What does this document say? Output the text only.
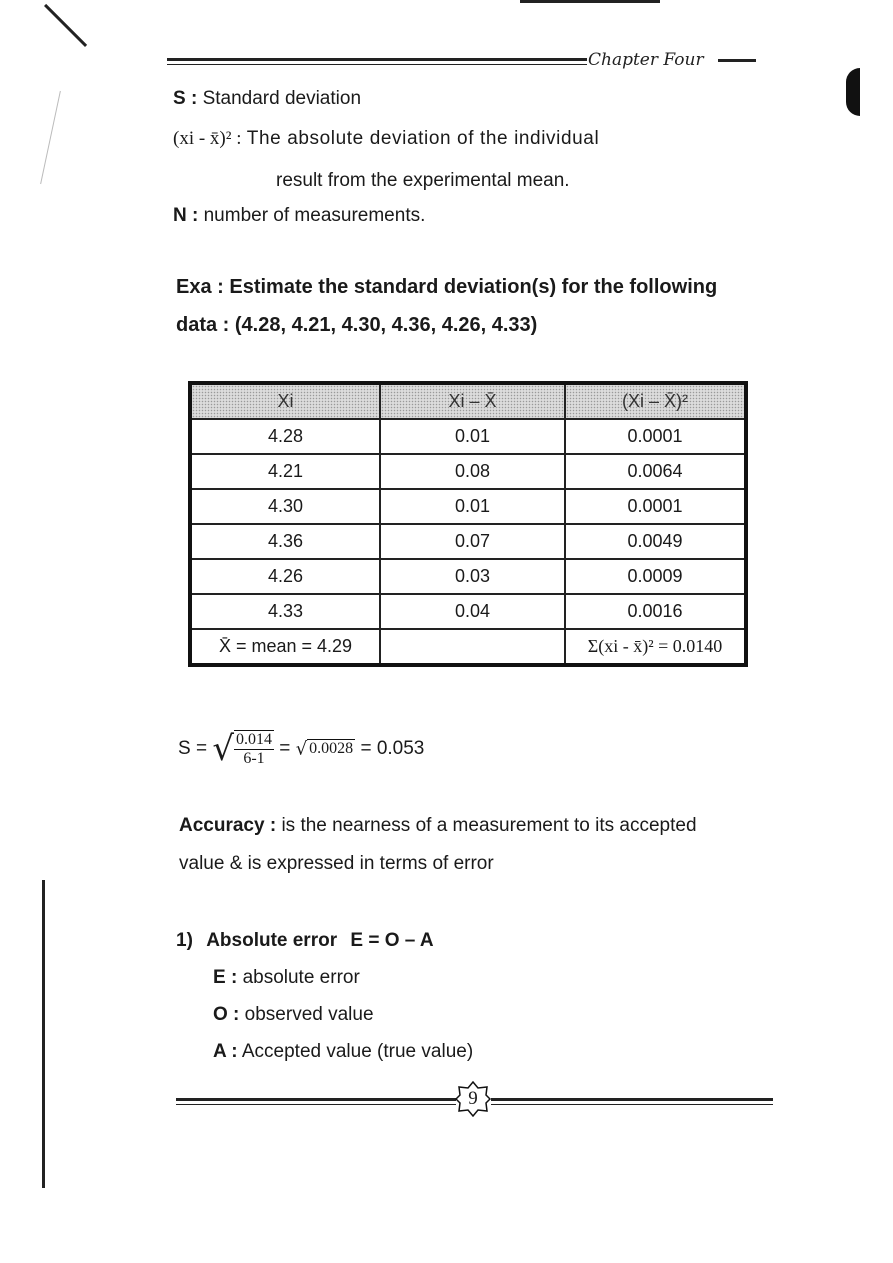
Chapter Four
S : Standard deviation
(xi - x̄)² : The absolute deviation of the individual
result from the experimental mean.
N : number of measurements.
Exa : Estimate the standard deviation(s) for the following
data : (4.28, 4.21, 4.30, 4.36, 4.26, 4.33)
Xi	Xi – X̄	(Xi – X̄)²
4.28	0.01	0.0001
4.21	0.08	0.0064
4.30	0.01	0.0001
4.36	0.07	0.0049
4.26	0.03	0.0009
4.33	0.04	0.0016
X̄ = mean = 4.29		Σ(xi - x̄)² = 0.0140
S = √ $\frac{0.014}{6-1}$ = √ 0.0028 = 0.053
Accuracy : is the nearness of a measurement to its accepted
value & is expressed in terms of error
1) Absolute error E = O – A
E : absolute error
O : observed value
A : Accepted value (true value)
9
